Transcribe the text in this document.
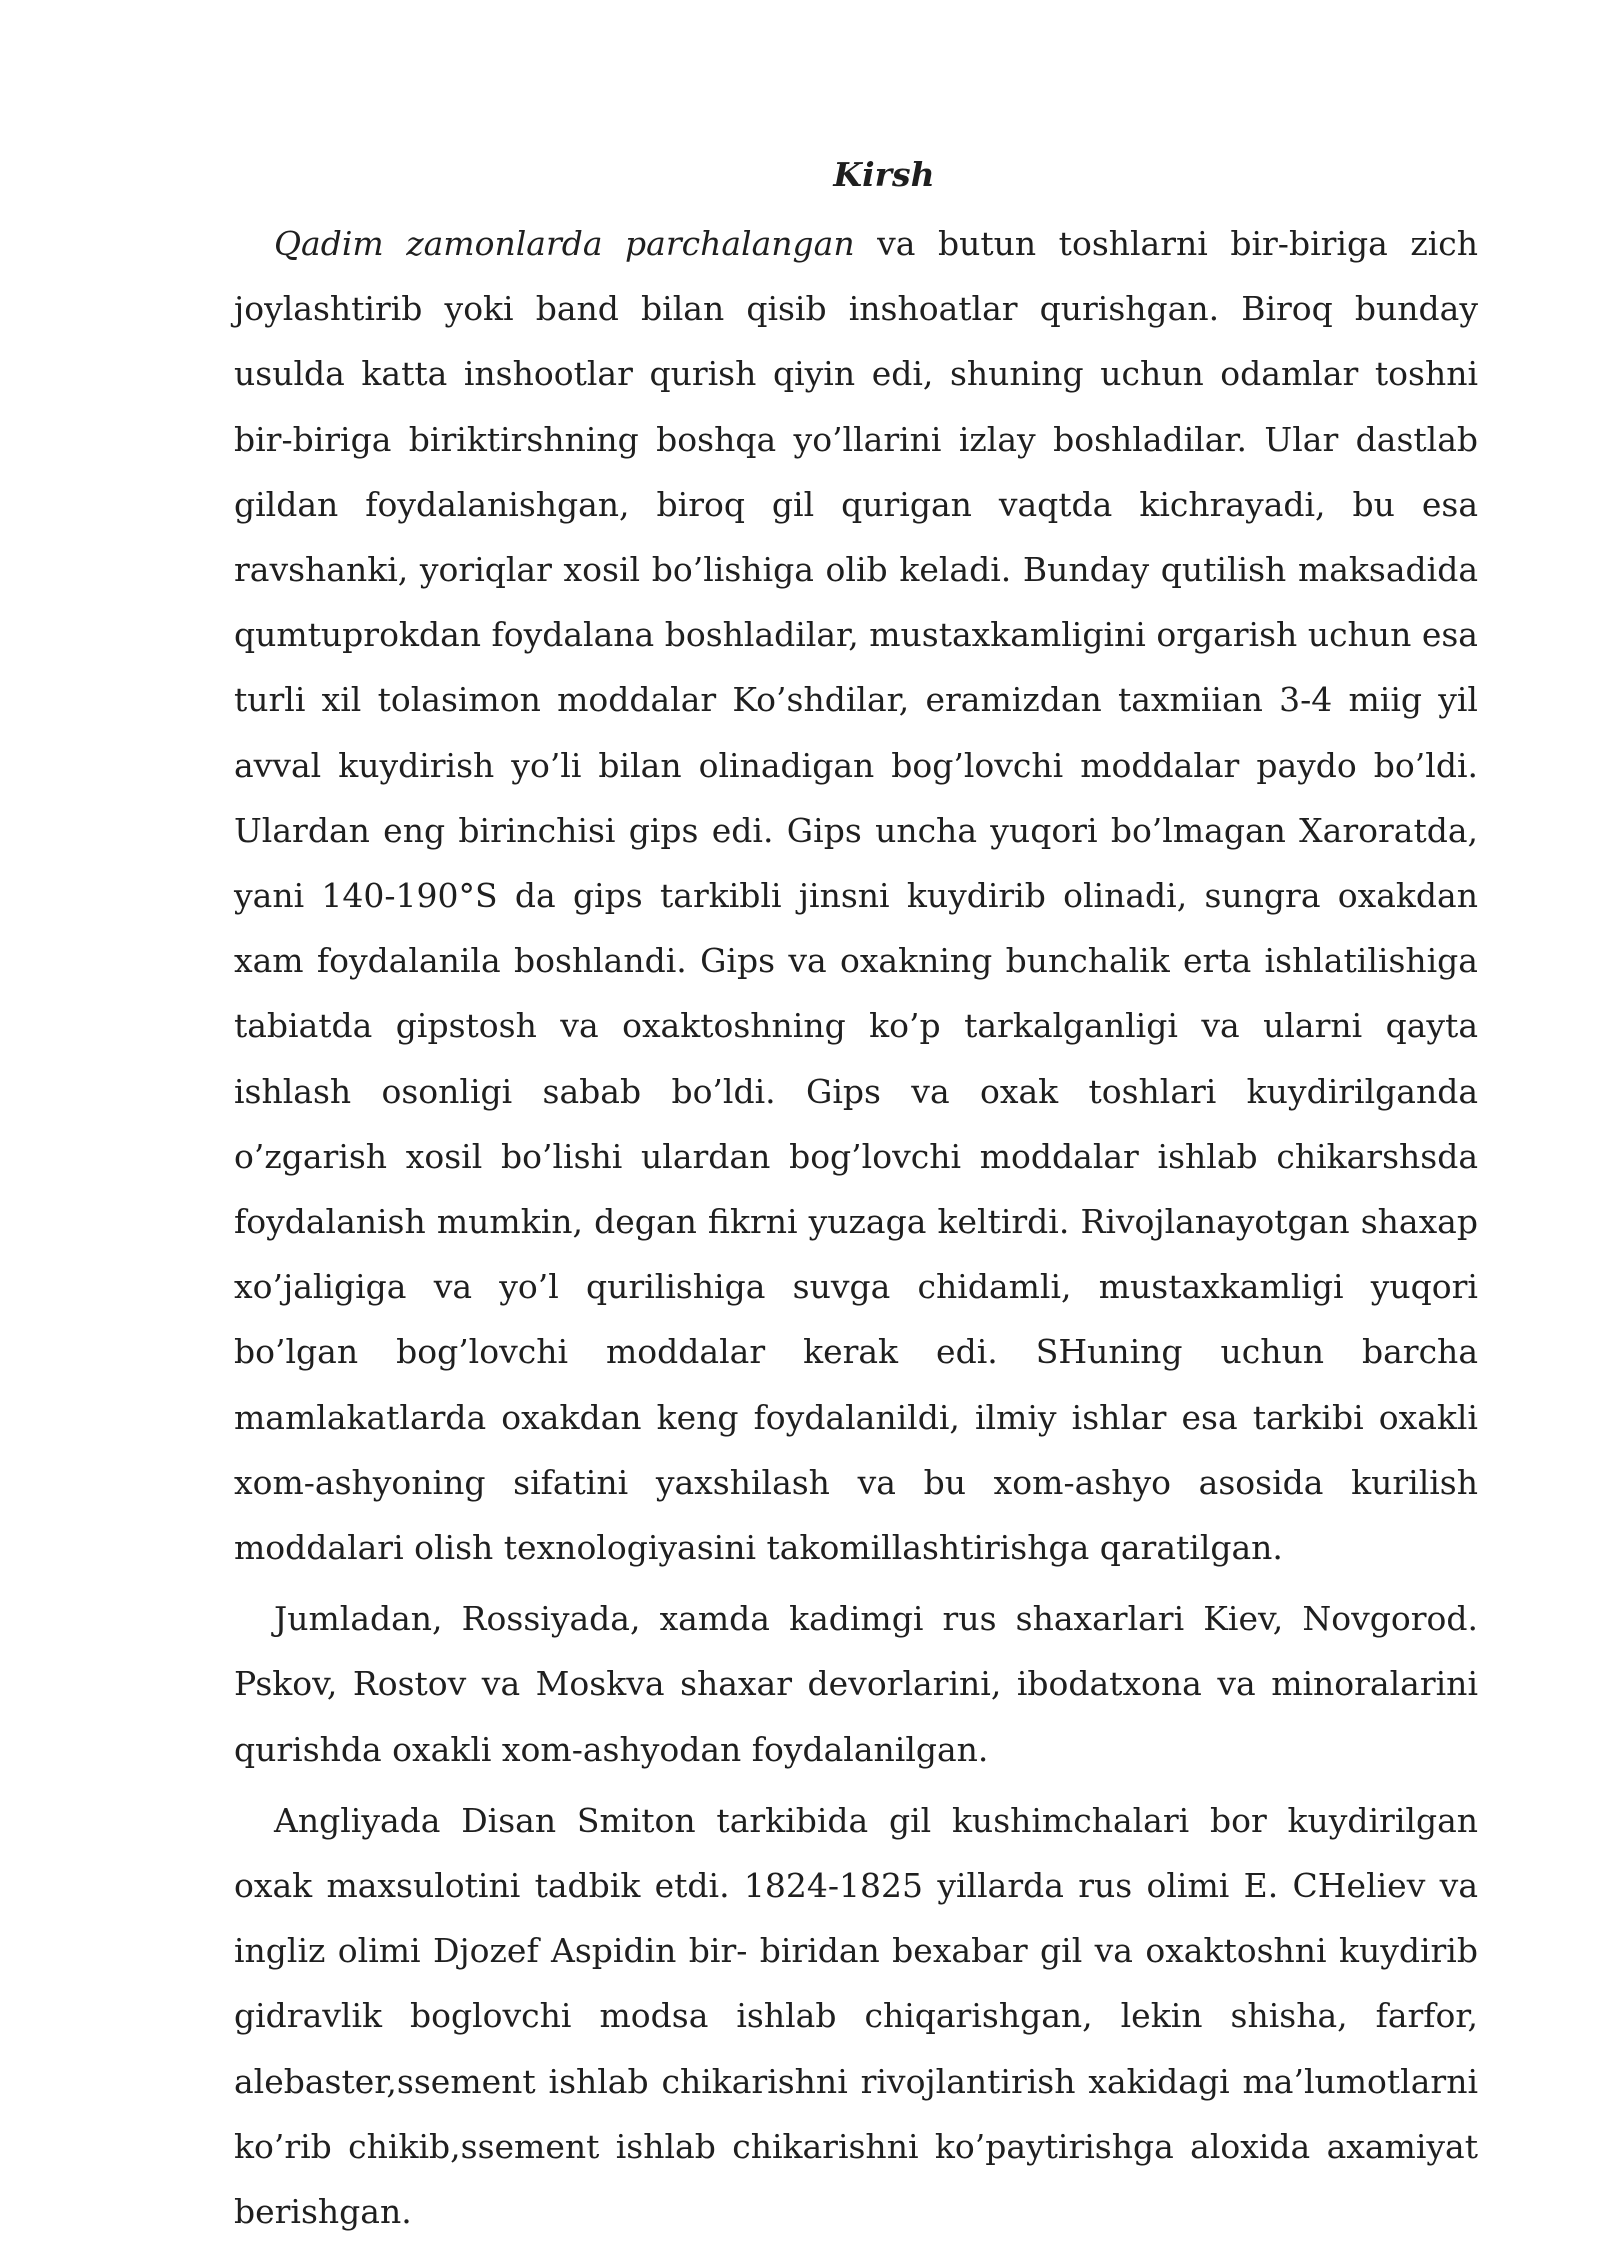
Kirsh

Qadim zamonlarda parchalangan va butun toshlarni bir-biriga zich joylashtirib yoki band bilan qisib inshoatlar qurishgan. Biroq bunday usulda katta inshootlar qurish qiyin edi, shuning uchun odamlar toshni bir-biriga biriktirshning boshqa yo’llarini izlay boshladilar. Ular dastlab gildan foydalanishgan, biroq gil qurigan vaqtda kichrayadi, bu esa ravshanki, yoriqlar xosil bo’lishiga olib keladi. Bunday qutilish maksadida qumtuprokdan foydalana boshladilar, mustaxkamligini orgarish uchun esa turli xil tolasimon moddalar Ko’shdilar, eramizdan taxmiian 3-4 miig yil avval kuydirish yo’li bilan olinadigan bog’lovchi moddalar paydo bo’ldi. Ulardan eng birinchisi gips edi. Gips uncha yuqori bo’lmagan Xaroratda, yani 140-190°S da gips tarkibli jinsni kuydirib olinadi, sungra oxakdan xam foydalanila boshlandi. Gips va oxakning bunchalik erta ishlatilishiga tabiatda gipstosh va oxaktoshning ko’p tarkalganligi va ularni qayta ishlash osonligi sabab bo’ldi. Gips va oxak toshlari kuydirilganda o’zgarish xosil bo’lishi ulardan bog’lovchi moddalar ishlab chikarshsda foydalanish mumkin, degan fikrni yuzaga keltirdi. Rivojlanayotgan shaxap xo’jaligiga va yo’l qurilishiga suvga chidamli, mustaxkamligi yuqori bo’lgan bog’lovchi moddalar kerak edi. SHuning uchun barcha mamlakatlarda oxakdan keng foydalanildi, ilmiy ishlar esa tarkibi oxakli xom-ashyoning sifatini yaxshilash va bu xom-ashyo asosida kurilish moddalari olish texnologiyasini takomillashtirishga qaratilgan.

Jumladan, Rossiyada, xamda kadimgi rus shaxarlari Kiev, Novgorod. Pskov, Rostov va Moskva shaxar devorlarini, ibodatxona va minoralarini qurishda oxakli xom-ashyodan foydalanilgan.

Angliyada Disan Smiton tarkibida gil kushimchalari bor kuydirilgan oxak maxsulotini tadbik etdi. 1824-1825 yillarda rus olimi E. CHeliev va ingliz olimi Djozef Aspidin bir- biridan bexabar gil va oxaktoshni kuydirib gidravlik boglovchi modsa ishlab chiqarishgan, lekin shisha, farfor, alebaster,ssement ishlab chikarishni rivojlantirish xakidagi ma’lumotlarni ko’rib chikib,ssement ishlab chikarishni ko’paytirishga aloxida axamiyat berishgan.
